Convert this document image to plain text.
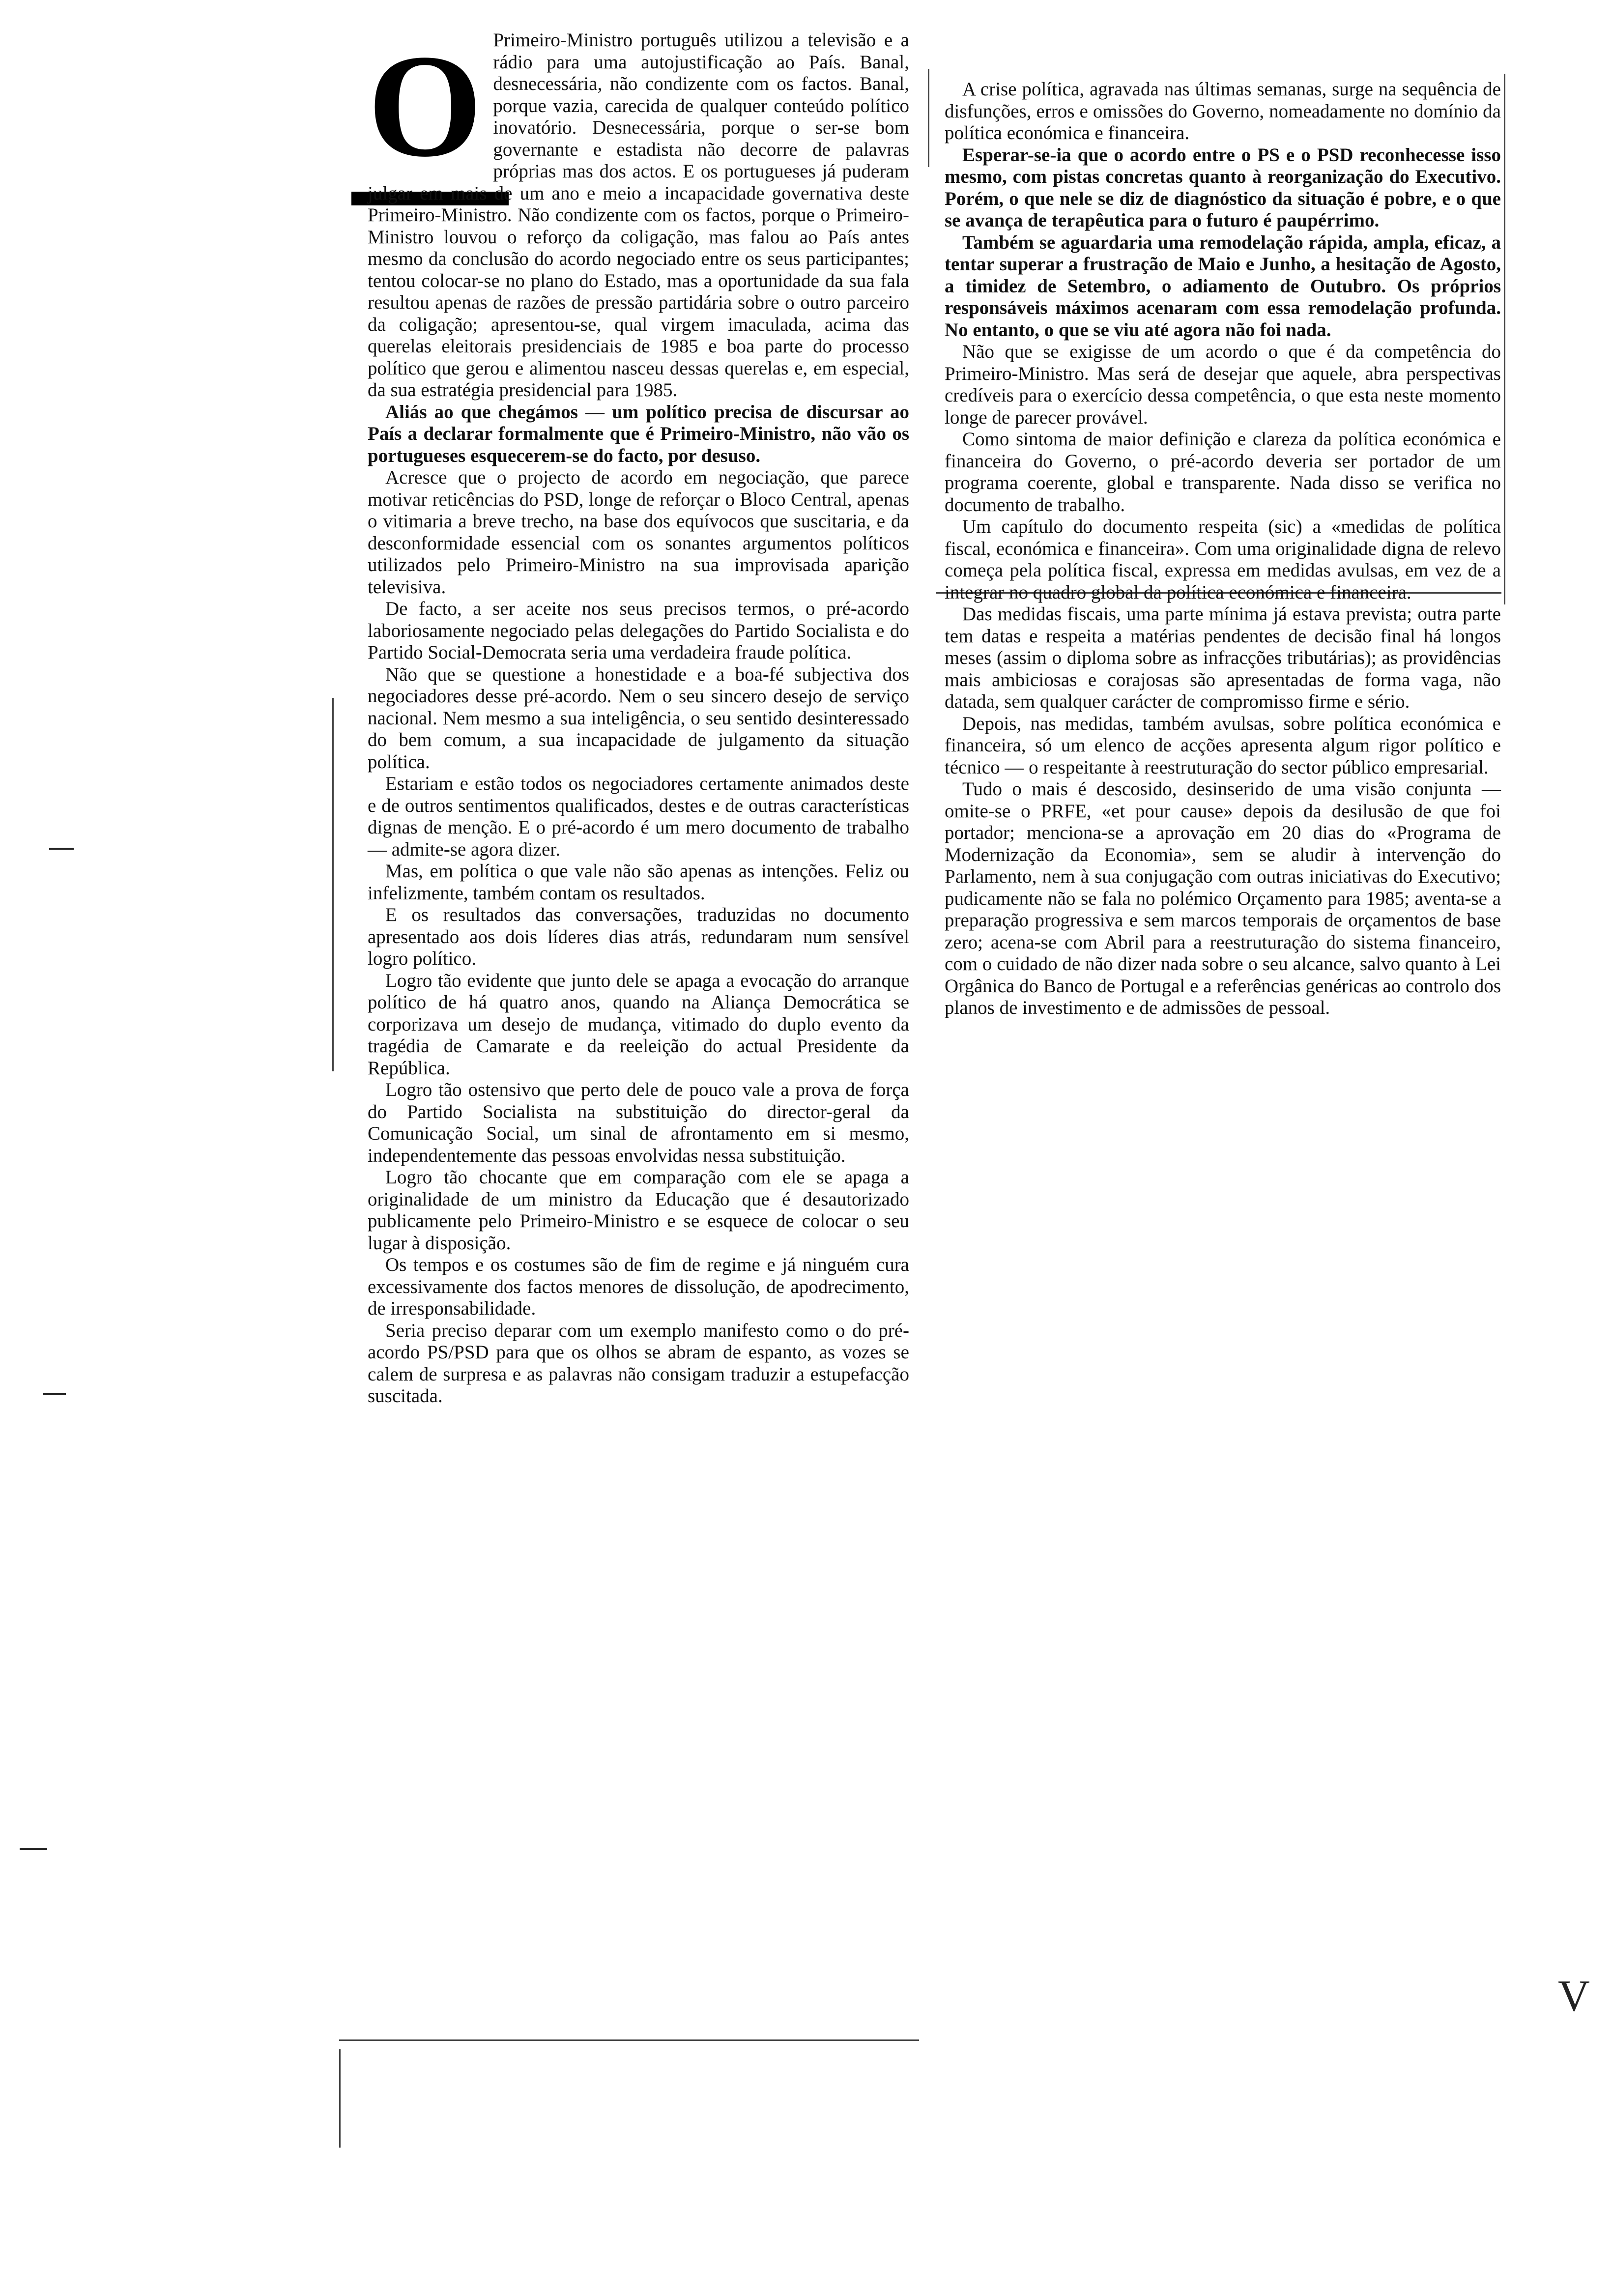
O Primeiro-Ministro português utilizou a televisão e a rádio para uma autojustificação ao País. Banal, desnecessária, não condizente com os factos. Banal, porque vazia, carecida de qualquer conteúdo político inovatório. Desnecessária, porque o ser-se bom governante e estadista não decorre de palavras próprias mas dos actos. E os portugueses já puderam julgar em mais de um ano e meio a incapacidade governativa deste Primeiro-Ministro. Não condizente com os factos, porque o Primeiro-Ministro louvou o reforço da coligação, mas falou ao País antes mesmo da conclusão do acordo negociado entre os seus participantes; tentou colocar-se no plano do Estado, mas a oportunidade da sua fala resultou apenas de razões de pressão partidária sobre o outro parceiro da coligação; apresentou-se, qual virgem imaculada, acima das querelas eleitorais presidenciais de 1985 e boa parte do processo político que gerou e alimentou nasceu dessas querelas e, em especial, da sua estratégia presidencial para 1985.

Aliás ao que chegámos — um político precisa de discursar ao País a declarar formalmente que é Primeiro-Ministro, não vão os portugueses esquecerem-se do facto, por desuso.

Acresce que o projecto de acordo em negociação, que parece motivar reticências do PSD, longe de reforçar o Bloco Central, apenas o vitimaria a breve trecho, na base dos equívocos que suscitaria, e da desconformidade essencial com os sonantes argumentos políticos utilizados pelo Primeiro-Ministro na sua improvisada aparição televisiva.

De facto, a ser aceite nos seus precisos termos, o pré-acordo laboriosamente negociado pelas delegações do Partido Socialista e do Partido Social-Democrata seria uma verdadeira fraude política.

Não que se questione a honestidade e a boa-fé subjectiva dos negociadores desse pré-acordo. Nem o seu sincero desejo de serviço nacional. Nem mesmo a sua inteligência, o seu sentido desinteressado do bem comum, a sua incapacidade de julgamento da situação política.

Estariam e estão todos os negociadores certamente animados deste e de outros sentimentos qualificados, destes e de outras características dignas de menção. E o pré-acordo é um mero documento de trabalho — admite-se agora dizer.

Mas, em política o que vale não são apenas as intenções. Feliz ou infelizmente, também contam os resultados.

E os resultados das conversações, traduzidas no documento apresentado aos dois líderes dias atrás, redundaram num sensível logro político.

Logro tão evidente que junto dele se apaga a evocação do arranque político de há quatro anos, quando na Aliança Democrática se corporizava um desejo de mudança, vitimado do duplo evento da tragédia de Camarate e da reeleição do actual Presidente da República.

Logro tão ostensivo que perto dele de pouco vale a prova de força do Partido Socialista na substituição do director-geral da Comunicação Social, um sinal de afrontamento em si mesmo, independentemente das pessoas envolvidas nessa substituição.

Logro tão chocante que em comparação com ele se apaga a originalidade de um ministro da Educação que é desautorizado publicamente pelo Primeiro-Ministro e se esquece de colocar o seu lugar à disposição.

Os tempos e os costumes são de fim de regime e já ninguém cura excessivamente dos factos menores de dissolução, de apodrecimento, de irresponsabilidade.

Seria preciso deparar com um exemplo manifesto como o do pré-acordo PS/PSD para que os olhos se abram de espanto, as vozes se calem de surpresa e as palavras não consigam traduzir a estupefacção suscitada.

A crise política, agravada nas últimas semanas, surge na sequência de disfunções, erros e omissões do Governo, nomeadamente no domínio da política económica e financeira.

Esperar-se-ia que o acordo entre o PS e o PSD reconhecesse isso mesmo, com pistas concretas quanto à reorganização do Executivo. Porém, o que nele se diz de diagnóstico da situação é pobre, e o que se avança de terapêutica para o futuro é paupérrimo.

Também se aguardaria uma remodelação rápida, ampla, eficaz, a tentar superar a frustração de Maio e Junho, a hesitação de Agosto, a timidez de Setembro, o adiamento de Outubro. Os próprios responsáveis máximos acenaram com essa remodelação profunda. No entanto, o que se viu até agora não foi nada.

Não que se exigisse de um acordo o que é da competência do Primeiro-Ministro. Mas será de desejar que aquele, abra perspectivas credíveis para o exercício dessa competência, o que esta neste momento longe de parecer provável.

Como sintoma de maior definição e clareza da política económica e financeira do Governo, o pré-acordo deveria ser portador de um programa coerente, global e transparente. Nada disso se verifica no documento de trabalho.

Um capítulo do documento respeita (sic) a «medidas de política fiscal, económica e financeira». Com uma originalidade digna de relevo começa pela política fiscal, expressa em medidas avulsas, em vez de a integrar no quadro global da política económica e financeira.

Das medidas fiscais, uma parte mínima já estava prevista; outra parte tem datas e respeita a matérias pendentes de decisão final há longos meses (assim o diploma sobre as infracções tributárias); as providências mais ambiciosas e corajosas são apresentadas de forma vaga, não datada, sem qualquer carácter de compromisso firme e sério.

Depois, nas medidas, também avulsas, sobre política económica e financeira, só um elenco de acções apresenta algum rigor político e técnico — o respeitante à reestruturação do sector público empresarial.

Tudo o mais é descosido, desinserido de uma visão conjunta — omite-se o PRFE, «et pour cause» depois da desilusão de que foi portador; menciona-se a aprovação em 20 dias do «Programa de Modernização da Economia», sem se aludir à intervenção do Parlamento, nem à sua conjugação com outras iniciativas do Executivo; pudicamente não se fala no polémico Orçamento para 1985; aventa-se a preparação progressiva e sem marcos temporais de orçamentos de base zero; acena-se com Abril para a reestruturação do sistema financeiro, com o cuidado de não dizer nada sobre o seu alcance, salvo quanto à Lei Orgânica do Banco de Portugal e a referências genéricas ao controlo dos planos de investimento e de admissões de pessoal.

V
